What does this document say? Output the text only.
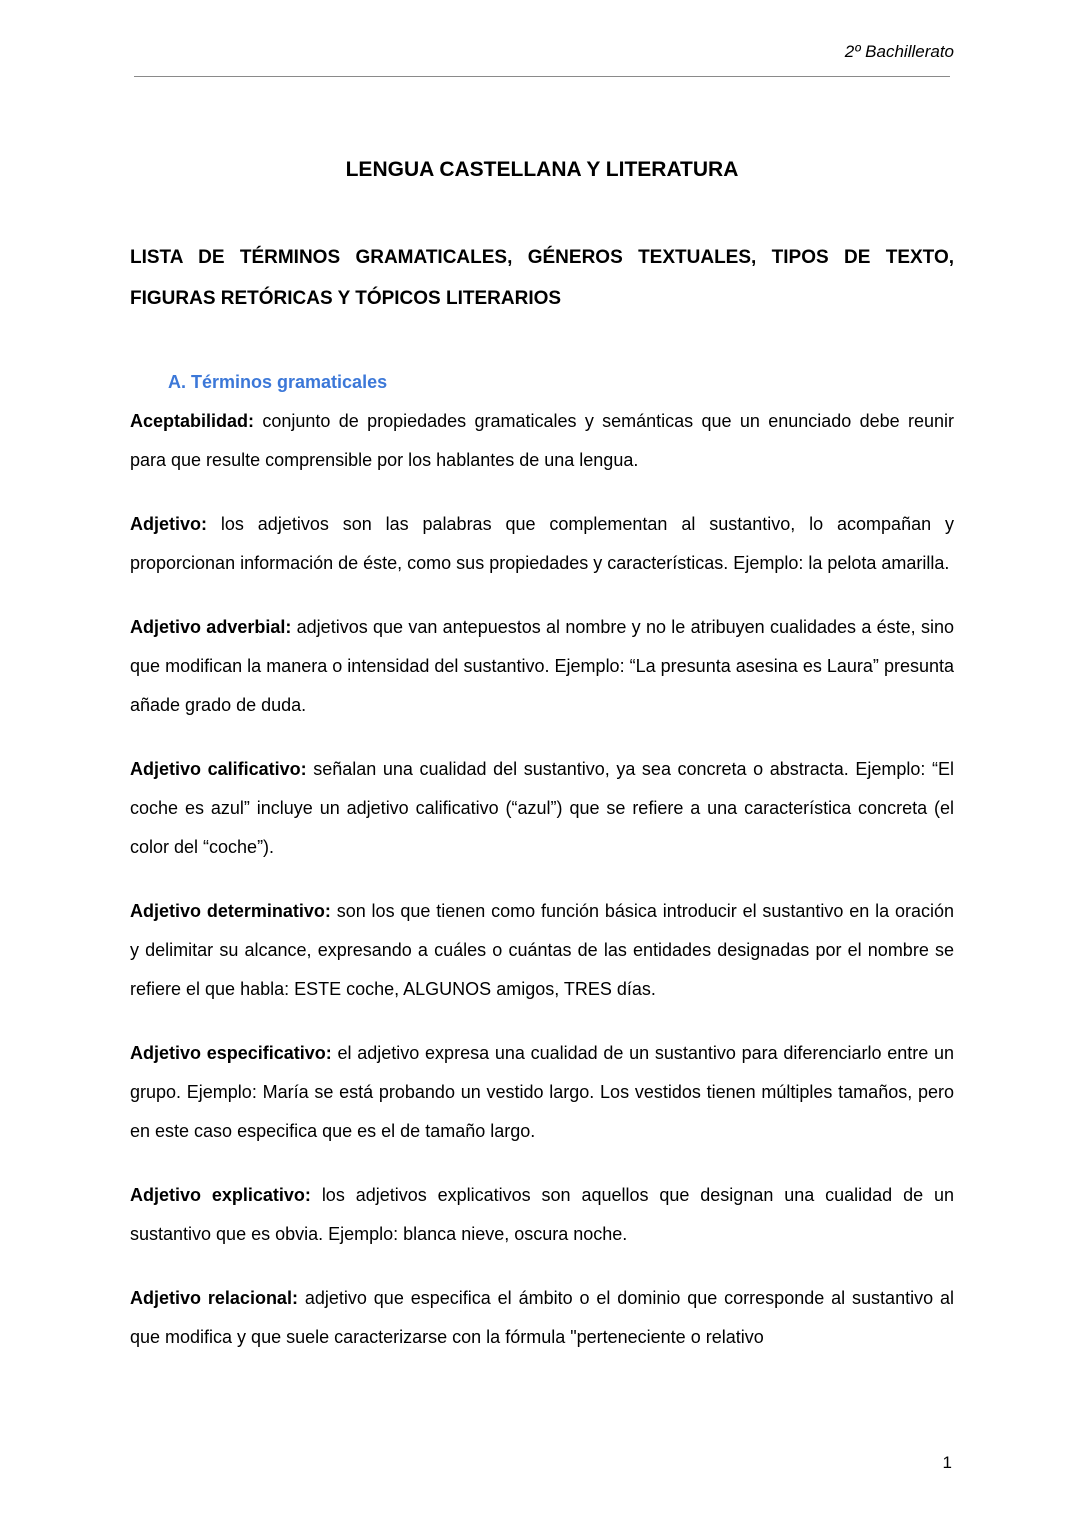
2º Bachillerato
LENGUA CASTELLANA Y LITERATURA
LISTA DE TÉRMINOS GRAMATICALES, GÉNEROS TEXTUALES, TIPOS DE TEXTO,  FIGURAS RETÓRICAS Y TÓPICOS LITERARIOS
A. Términos gramaticales

Aceptabilidad: conjunto de propiedades gramaticales y semánticas que un enunciado debe reunir para que resulte comprensible por los hablantes de una lengua.

Adjetivo: los adjetivos son las palabras que complementan al sustantivo, lo acompañan y proporcionan información de éste, como sus propiedades y características. Ejemplo: la pelota amarilla.

Adjetivo adverbial: adjetivos que van antepuestos al nombre y no le atribuyen cualidades a éste, sino que modifican la manera o intensidad del sustantivo. Ejemplo: “La presunta asesina es Laura” presunta añade grado de duda.

Adjetivo calificativo: señalan una cualidad del sustantivo, ya sea concreta o abstracta. Ejemplo: “El coche es azul” incluye un adjetivo calificativo (“azul”) que se refiere a una característica concreta (el color del “coche”).

Adjetivo determinativo: son los que tienen como función básica introducir el sustantivo en la oración y delimitar su alcance, expresando a cuáles o cuántas de las entidades designadas por el nombre se refiere el que habla: ESTE coche, ALGUNOS amigos, TRES días.

Adjetivo especificativo: el adjetivo expresa una cualidad de un sustantivo para diferenciarlo entre un grupo. Ejemplo: María se está probando un vestido largo. Los vestidos tienen múltiples tamaños, pero en este caso especifica que es el de tamaño largo.

Adjetivo explicativo: los adjetivos explicativos son aquellos que designan una cualidad de un sustantivo que es obvia. Ejemplo: blanca nieve, oscura noche.

Adjetivo relacional: adjetivo que especifica el ámbito o el dominio que corresponde al sustantivo al que modifica y que suele caracterizarse con la fórmula "perteneciente o relativo

1
